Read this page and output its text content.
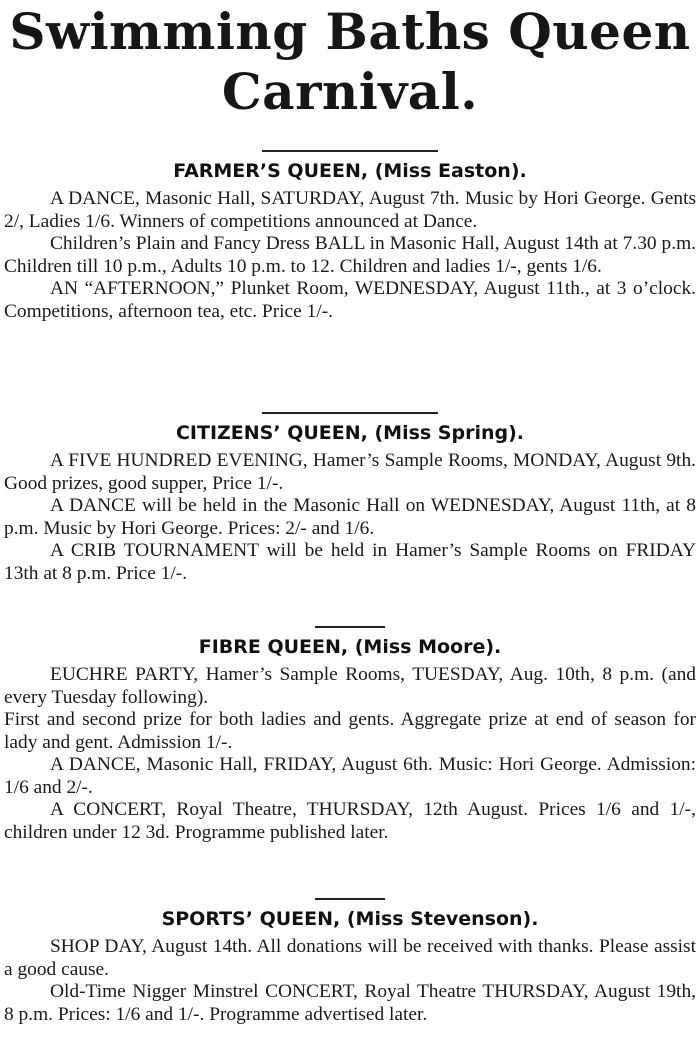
Swimming Baths Queen
Carnival.
FARMER’S QUEEN, (Miss Easton).

A DANCE, Masonic Hall, SATURDAY, August 7th. Music by Hori George. Gents 2/, Ladies 1/6. Winners of competitions announced at Dance.

Children’s Plain and Fancy Dress BALL in Masonic Hall, August 14th at 7.30 p.m. Children till 10 p.m., Adults 10 p.m. to 12. Children and ladies 1/-, gents 1/6.

AN “AFTERNOON,” Plunket Room, WEDNESDAY, August 11th., at 3 o’clock. Competitions, afternoon tea, etc. Price 1/-.

CITIZENS’ QUEEN, (Miss Spring).

A FIVE HUNDRED EVENING, Hamer’s Sample Rooms, MONDAY, August 9th. Good prizes, good supper, Price 1/-.

A DANCE will be held in the Masonic Hall on WEDNESDAY, August 11th, at 8 p.m. Music by Hori George. Prices: 2/- and 1/6.

A CRIB TOURNAMENT will be held in Hamer’s Sample Rooms on FRIDAY 13th at 8 p.m. Price 1/-.

FIBRE QUEEN, (Miss Moore).

EUCHRE PARTY, Hamer’s Sample Rooms, TUESDAY, Aug. 10th, 8 p.m. (and every Tuesday following).

First and second prize for both ladies and gents. Aggregate prize at end of season for lady and gent. Admission 1/-.

A DANCE, Masonic Hall, FRIDAY, August 6th. Music: Hori George. Admission: 1/6 and 2/-.

A CONCERT, Royal Theatre, THURSDAY, 12th August. Prices 1/6 and 1/-, children under 12 3d. Programme published later.

SPORTS’ QUEEN, (Miss Stevenson).

SHOP DAY, August 14th. All donations will be received with thanks. Please assist a good cause.

Old-Time Nigger Minstrel CONCERT, Royal Theatre THURSDAY, August 19th, 8 p.m. Prices: 1/6 and 1/-. Programme advertised later.
